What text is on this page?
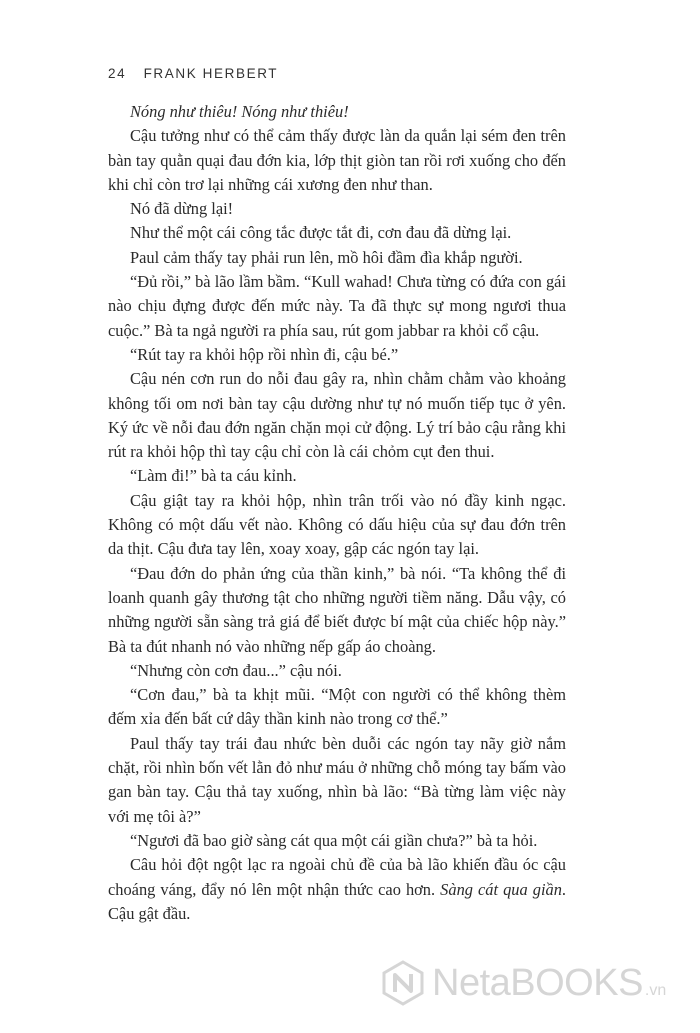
24 FRANK HERBERT

Nóng như thiêu! Nóng như thiêu!

Cậu tưởng như có thể cảm thấy được làn da quắn lại sém đen trên bàn tay quằn quại đau đớn kia, lớp thịt giòn tan rồi rơi xuống cho đến khi chỉ còn trơ lại những cái xương đen như than.

Nó đã dừng lại!

Như thể một cái công tắc được tắt đi, cơn đau đã dừng lại.

Paul cảm thấy tay phải run lên, mồ hôi đầm đìa khắp người.

“Đủ rồi,” bà lão lầm bầm. “Kull wahad! Chưa từng có đứa con gái nào chịu đựng được đến mức này. Ta đã thực sự mong ngươi thua cuộc.” Bà ta ngả người ra phía sau, rút gom jabbar ra khỏi cổ cậu.

“Rút tay ra khỏi hộp rồi nhìn đi, cậu bé.”

Cậu nén cơn run do nỗi đau gây ra, nhìn chằm chằm vào khoảng không tối om nơi bàn tay cậu dường như tự nó muốn tiếp tục ở yên. Ký ức về nỗi đau đớn ngăn chặn mọi cử động. Lý trí bảo cậu rằng khi rút ra khỏi hộp thì tay cậu chỉ còn là cái chỏm cụt đen thui.

“Làm đi!” bà ta cáu kỉnh.

Cậu giật tay ra khỏi hộp, nhìn trân trối vào nó đầy kinh ngạc. Không có một dấu vết nào. Không có dấu hiệu của sự đau đớn trên da thịt. Cậu đưa tay lên, xoay xoay, gập các ngón tay lại.

“Đau đớn do phản ứng của thần kinh,” bà nói. “Ta không thể đi loanh quanh gây thương tật cho những người tiềm năng. Dẫu vậy, có những người sẵn sàng trả giá để biết được bí mật của chiếc hộp này.” Bà ta đút nhanh nó vào những nếp gấp áo choàng.

“Nhưng còn cơn đau...” cậu nói.

“Cơn đau,” bà ta khịt mũi. “Một con người có thể không thèm đếm xỉa đến bất cứ dây thần kinh nào trong cơ thể.”

Paul thấy tay trái đau nhức bèn duỗi các ngón tay nãy giờ nắm chặt, rồi nhìn bốn vết lằn đỏ như máu ở những chỗ móng tay bấm vào gan bàn tay. Cậu thả tay xuống, nhìn bà lão: “Bà từng làm việc này với mẹ tôi à?”

“Ngươi đã bao giờ sàng cát qua một cái giần chưa?” bà ta hỏi.

Câu hỏi đột ngột lạc ra ngoài chủ đề của bà lão khiến đầu óc cậu choáng váng, đẩy nó lên một nhận thức cao hơn. Sàng cát qua giần. Cậu gật đầu.

NetaBOOKS .vn
